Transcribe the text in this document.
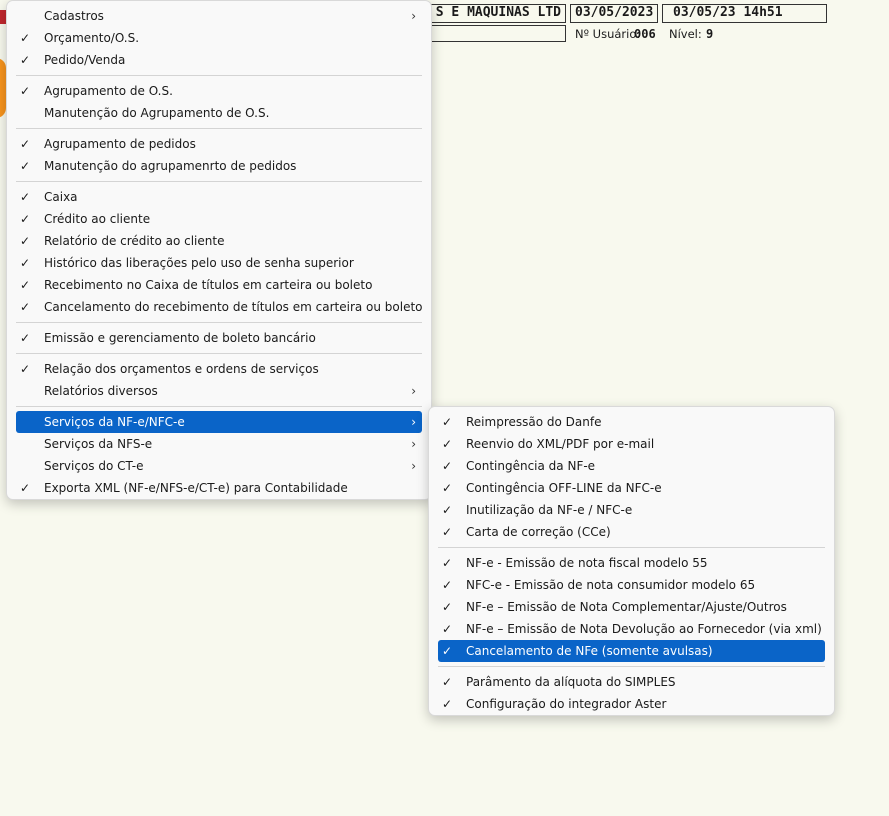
S E MAQUINAS LTD	03/05/2023	03/05/23 14h51
Nº Usuário:
006 Nível: 9
Cadastros	›
✓ Orçamento/O.S.
✓ Pedido/Venda
✓ Agrupamento de O.S.
Manutenção do Agrupamento de O.S.
✓ Agrupamento de pedidos
✓ Manutenção do agrupamenrto de pedidos
✓ Caixa
✓ Crédito ao cliente
✓ Relatório de crédito ao cliente
✓ Histórico das liberações pelo uso de senha superior
✓ Recebimento no Caixa de títulos em carteira ou boleto
✓ Cancelamento do recebimento de títulos em carteira ou boleto
✓ Emissão e gerenciamento de boleto bancário
✓ Relação dos orçamentos e ordens de serviços
Relatórios diversos	›
Serviços da NF-e/NFC-e	›
Serviços da NFS-e	›
Serviços do CT-e	›
✓ Exporta XML (NF-e/NFS-e/CT-e) para Contabilidade
✓ Reimpressão do Danfe
✓ Reenvio do XML/PDF por e-mail
✓ Contingência da NF-e
✓ Contingência OFF-LINE da NFC-e
✓ Inutilização da NF-e / NFC-e
✓ Carta de correção (CCe)
✓ NF-e - Emissão de nota fiscal modelo 55
✓ NFC-e - Emissão de nota consumidor modelo 65
✓ NF-e – Emissão de Nota Complementar/Ajuste/Outros
✓ NF-e – Emissão de Nota Devolução ao Fornecedor (via xml)
✓ Cancelamento de NFe (somente avulsas)
✓ Parâmento da alíquota do SIMPLES
✓ Configuração do integrador Aster
